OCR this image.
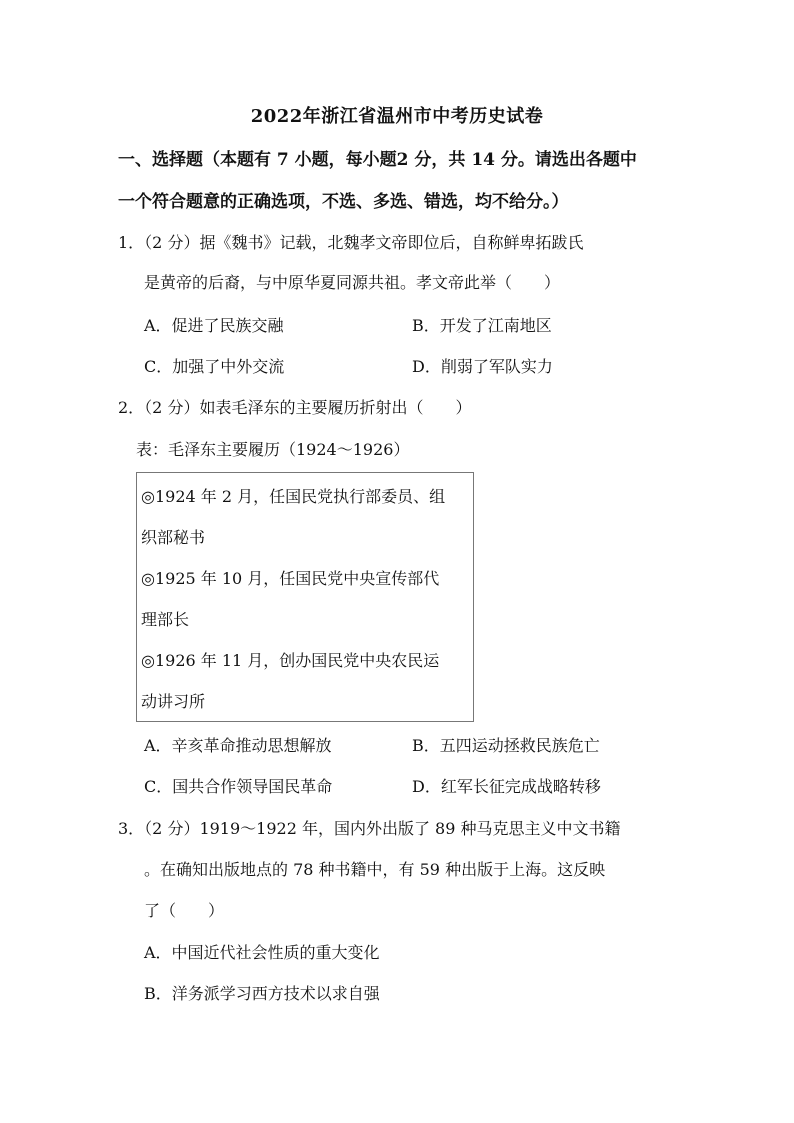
2022年浙江省温州市中考历史试卷
一、选择题（本题有 7 小题，每小题2 分，共 14 分。请选出各题中
一个符合题意的正确选项，不选、多选、错选，均不给分。）
1．（2 分）据《魏书》记载，北魏孝文帝即位后，自称鲜卑拓跋氏
是黄帝的后裔，与中原华夏同源共祖。孝文帝此举（　　）
A．促进了民族交融	B．开发了江南地区
C．加强了中外交流	D．削弱了军队实力
2．（2 分）如表毛泽东的主要履历折射出（　　）
表：毛泽东主要履历（1924～1926）
◎1924 年 2 月，任国民党执行部委员、组
织部秘书
◎1925 年 10 月，任国民党中央宣传部代
理部长
◎1926 年 11 月，创办国民党中央农民运
动讲习所
A．辛亥革命推动思想解放	B．五四运动拯救民族危亡
C．国共合作领导国民革命	D．红军长征完成战略转移
3．（2 分）1919～1922 年，国内外出版了 89 种马克思主义中文书籍
。在确知出版地点的 78 种书籍中，有 59 种出版于上海。这反映
了（　　）
A．中国近代社会性质的重大变化
B．洋务派学习西方技术以求自强
